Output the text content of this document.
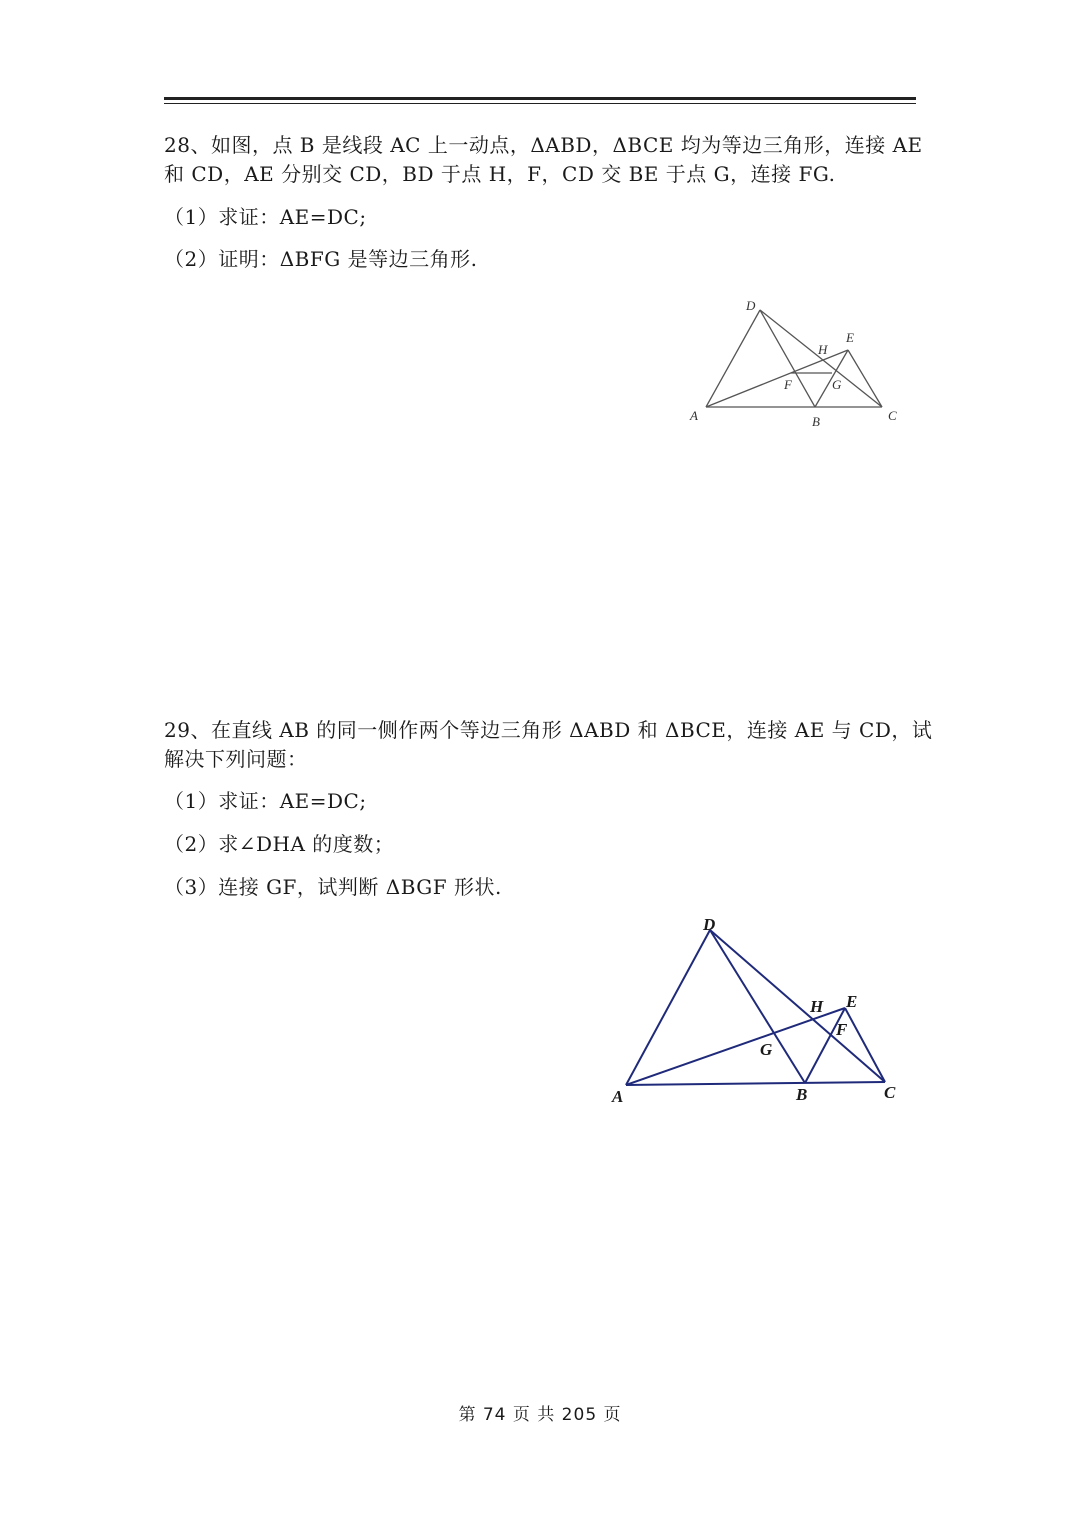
28、如图，点 B 是线段 AC 上一动点，ΔABD，ΔBCE 均为等边三角形，连接 AE
和 CD，AE 分别交 CD，BD 于点 H，F，CD 交 BE 于点 G，连接 FG.
（1）求证：AE=DC;
（2）证明：ΔBFG 是等边三角形.
D
E
H
F	G
A	B	C
29、在直线 AB 的同一侧作两个等边三角形 ΔABD 和 ΔBCE，连接 AE 与 CD，试
解决下列问题：
（1）求证：AE=DC;
（2）求∠DHA 的度数；
（3）连接 GF，试判断 ΔBGF 形状.
D
H E
F
G
A	B	C
第 74 页 共 205 页
